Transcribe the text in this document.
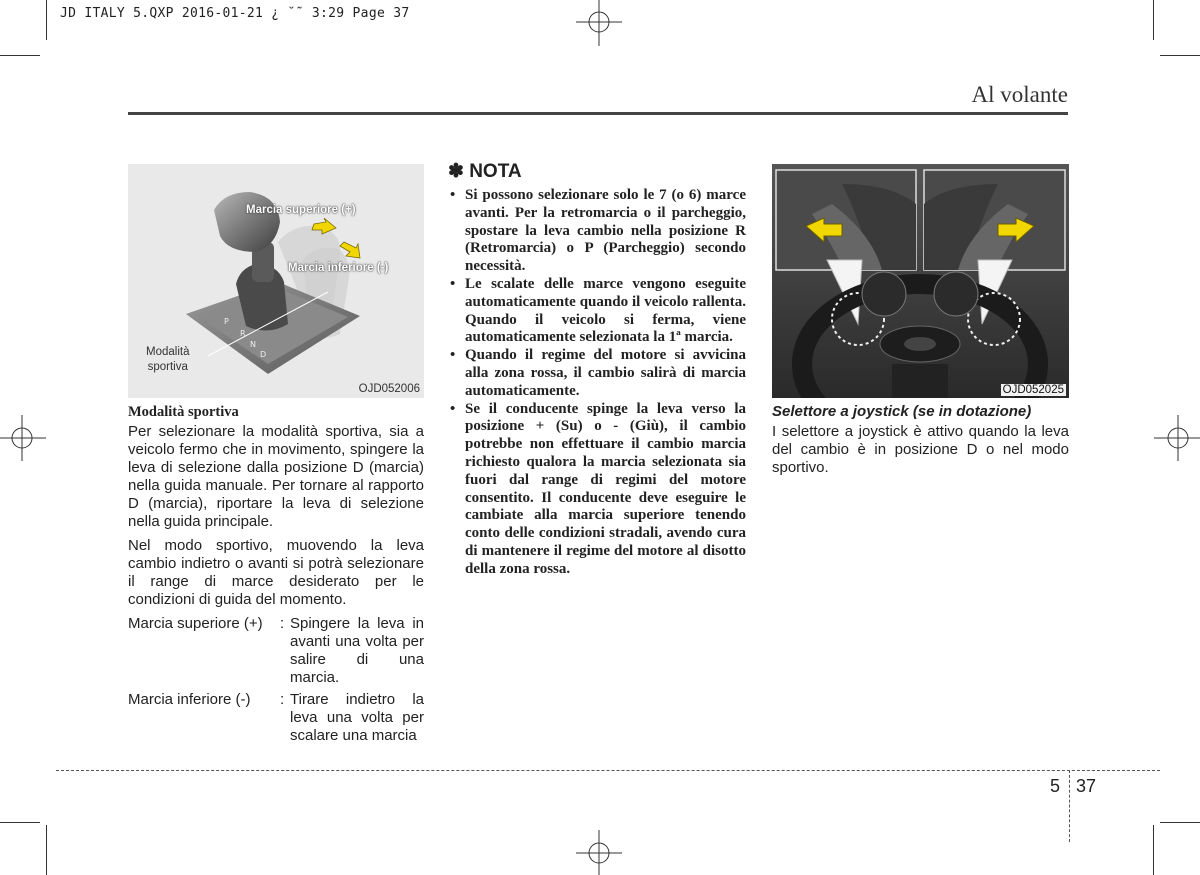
JD ITALY 5.QXP 2016-01-21 ¿ ˘˜ 3:29 Page 37
Al volante
P
R
N
D
Marcia superiore (+)
Marcia inferiore (-)
Modalità
sportiva
OJD052006
Modalità sportiva

Per selezionare la modalità sportiva, sia a veicolo fermo che in movimento, spingere la leva di selezione dalla posizione D (marcia) nella guida manuale. Per tornare al rapporto D (marcia), riportare la leva di selezione nella guida principale.

Nel modo sportivo, muovendo la leva cambio indietro o avanti si potrà selezionare il range di marce desiderato per le condizioni di guida del momento.

Marcia superiore (+)	: Spingere la leva in avanti una volta per salire di una marcia.
Marcia inferiore (-)	: Tirare indietro la leva una volta per scalare una marcia
✽ NOTA
• Si possono selezionare solo le 7 (o 6) marce avanti. Per la retromarcia o il parcheggio, spostare la leva cambio nella posizione R (Retromarcia) o P (Parcheggio) secondo necessità.
• Le scalate delle marce vengono eseguite automaticamente quando il veicolo rallenta. Quando il veicolo si ferma, viene automaticamente selezionata la 1ª marcia.
• Quando il regime del motore si avvicina alla zona rossa, il cambio salirà di marcia automaticamente.
• Se il conducente spinge la leva verso la posizione + (Su) o - (Giù), il cambio potrebbe non effettuare il cambio marcia richiesto qualora la marcia selezionata sia fuori dal range di regimi del motore consentito. Il conducente deve eseguire le cambiate alla marcia superiore tenendo conto delle condizioni stradali, avendo cura di mantenere il regime del motore al disotto della zona rossa.
OJD052025
Selettore a joystick (se in dotazione)

I selettore a joystick è attivo quando la leva del cambio è in posizione D o nel modo sportivo.

5 37
